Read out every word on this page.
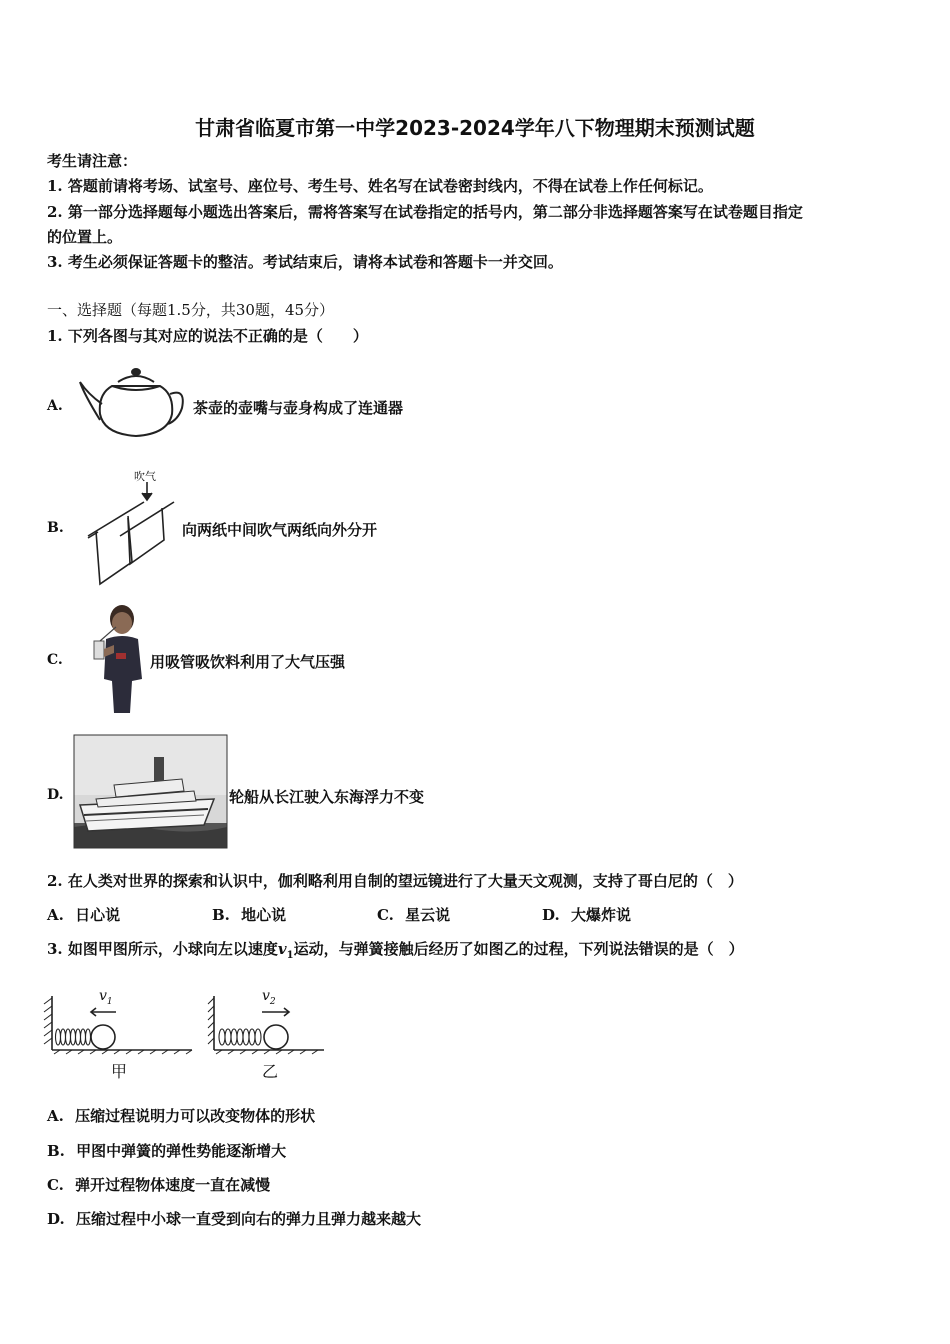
甘肃省临夏市第一中学2023-2024学年八下物理期末预测试题
考生请注意：
1. 答题前请将考场、试室号、座位号、考生号、姓名写在试卷密封线内，不得在试卷上作任何标记。
2. 第一部分选择题每小题选出答案后，需将答案写在试卷指定的括号内，第二部分非选择题答案写在试卷题目指定
的位置上。
3. 考生必须保证答题卡的整洁。考试结束后，请将本试卷和答题卡一并交回。
一、选择题（每题1.5分，共30题，45分）
1. 下列各图与其对应的说法不正确的是（　　）
A.	茶壶的壶嘴与壶身构成了连通器
B.
吹气
向两纸中间吹气两纸向外分开
C.	用吸管吸饮料利用了大气压强
D.	轮船从长江驶入东海浮力不变
2. 在人类对世界的探索和认识中，伽利略利用自制的望远镜进行了大量天文观测，支持了哥白尼的（　）
A. 日心说	B. 地心说	C. 星云说	D. 大爆炸说
3. 如图甲图所示，小球向左以速度$v_1$运动，与弹簧接触后经历了如图乙的过程，下列说法错误的是（　）
$v_1$
甲
$v_2$
乙
A. 压缩过程说明力可以改变物体的形状
B. 甲图中弹簧的弹性势能逐渐增大
C. 弹开过程物体速度一直在减慢
D. 压缩过程中小球一直受到向右的弹力且弹力越来越大
